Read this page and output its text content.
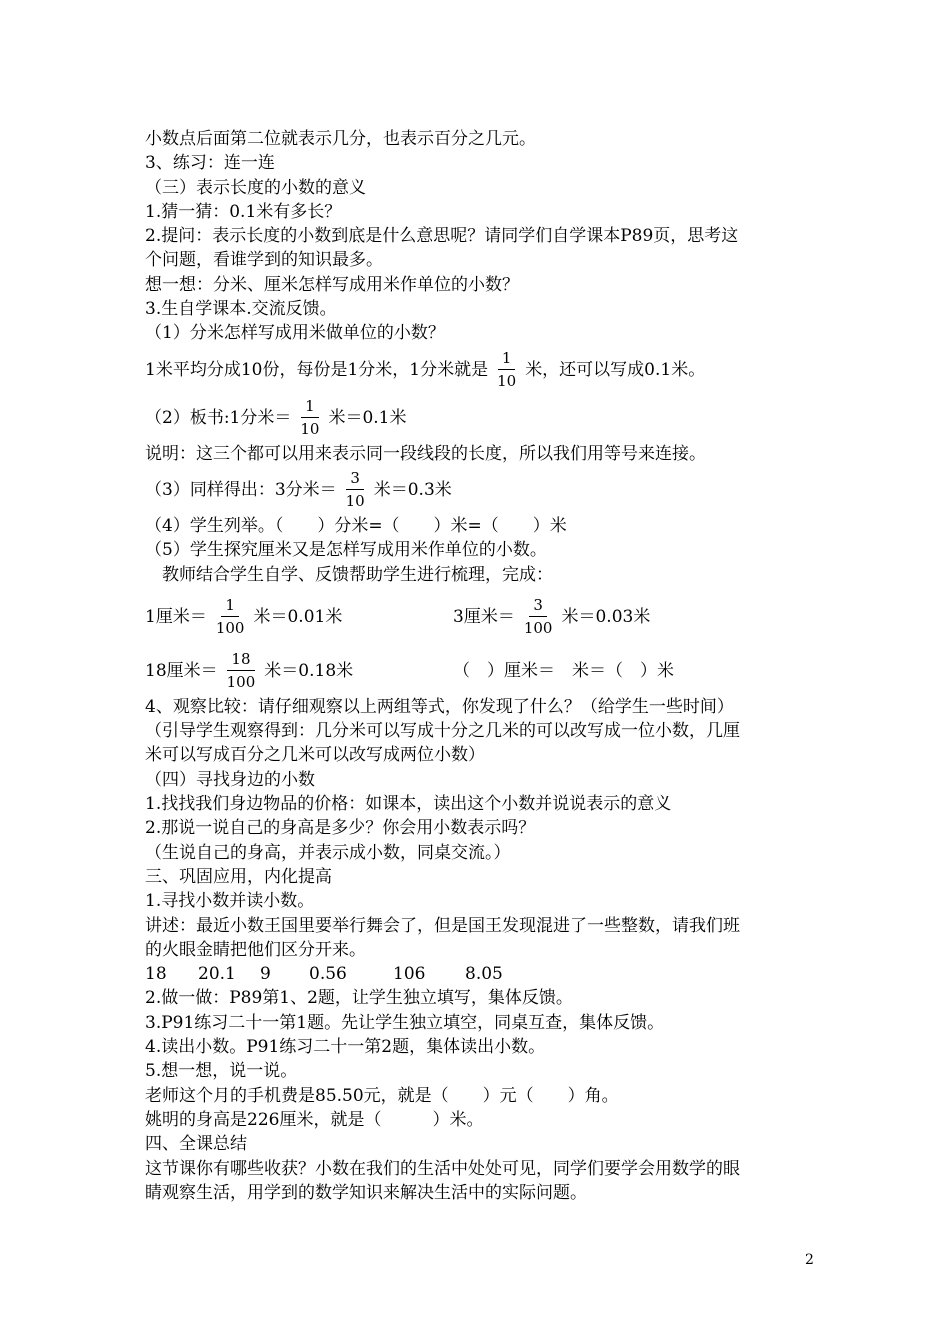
小数点后面第二位就表示几分，也表示百分之几元。
3、练习：连一连
（三）表示长度的小数的意义
1.猜一猜：0.1米有多长？
2.提问：表示长度的小数到底是什么意思呢？请同学们自学课本P89页，思考这
个问题，看谁学到的知识最多。
想一想：分米、厘米怎样写成用米作单位的小数？
3.生自学课本.交流反馈。
（1）分米怎样写成用米做单位的小数？
1米平均分成10份，每份是1分米，1分米就是 $\frac{1}{10}$ 米，还可以写成0.1米。
（2）板书:1分米＝ $\frac{1}{10}$ 米＝0.1米
说明：这三个都可以用来表示同一段线段的长度，所以我们用等号来连接。
（3）同样得出：3分米＝ $\frac{3}{10}$ 米＝0.3米
（4）学生列举。（　　）分米=（　　）米=（　　）米
（5）学生探究厘米又是怎样写成用米作单位的小数。
　教师结合学生自学、反馈帮助学生进行梳理，完成：
1厘米＝ $\frac{1}{100}$ 米＝0.01米	3厘米＝ $\frac{3}{100}$ 米＝0.03米
18厘米＝ $\frac{18}{100}$ 米＝0.18米	（　）厘米＝　米＝（　）米
4、观察比较：请仔细观察以上两组等式，你发现了什么？（给学生一些时间）
（引导学生观察得到：几分米可以写成十分之几米的可以改写成一位小数，几厘
米可以写成百分之几米可以改写成两位小数）
（四）寻找身边的小数
1.找找我们身边物品的价格：如课本，读出这个小数并说说表示的意义
2.那说一说自己的身高是多少？你会用小数表示吗？
（生说自己的身高，并表示成小数，同桌交流。）
三、巩固应用，内化提高
1.寻找小数并读小数。
讲述：最近小数王国里要举行舞会了，但是国王发现混进了一些整数，请我们班
的火眼金睛把他们区分开来。
18 20.1 9 0.56	106 8.05
2.做一做：P89第1、2题，让学生独立填写，集体反馈。
3.P91练习二十一第1题。先让学生独立填空，同桌互查，集体反馈。
4.读出小数。P91练习二十一第2题，集体读出小数。
5.想一想，说一说。
老师这个月的手机费是85.50元，就是（　　）元（　　）角。
姚明的身高是226厘米，就是（　　　）米。
四、全课总结
这节课你有哪些收获？小数在我们的生活中处处可见，同学们要学会用数学的眼
睛观察生活，用学到的数学知识来解决生活中的实际问题。
2
